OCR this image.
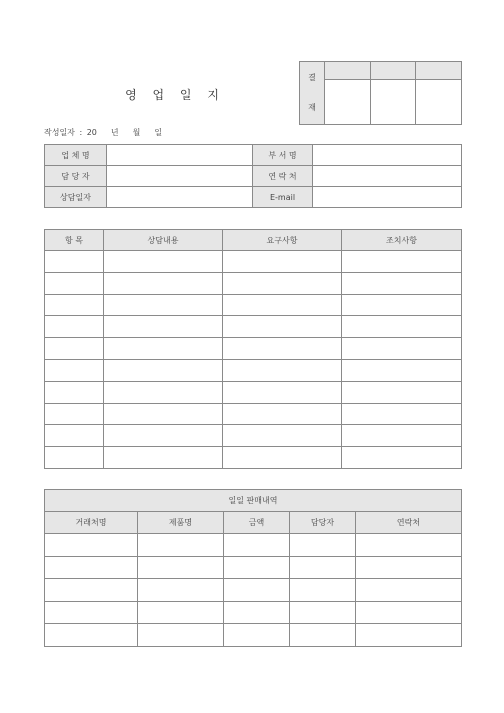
영 업 일 지
결
재			

작성일자 : 20 년 월 일
업 체 명		부 서 명	
담 당 자		연 락 처	
상담일자		E-mail	
항 목	상담내용	요구사항	조치사항

일일 판매내역				
거래처명	제품명	금액	담당자	연락처
